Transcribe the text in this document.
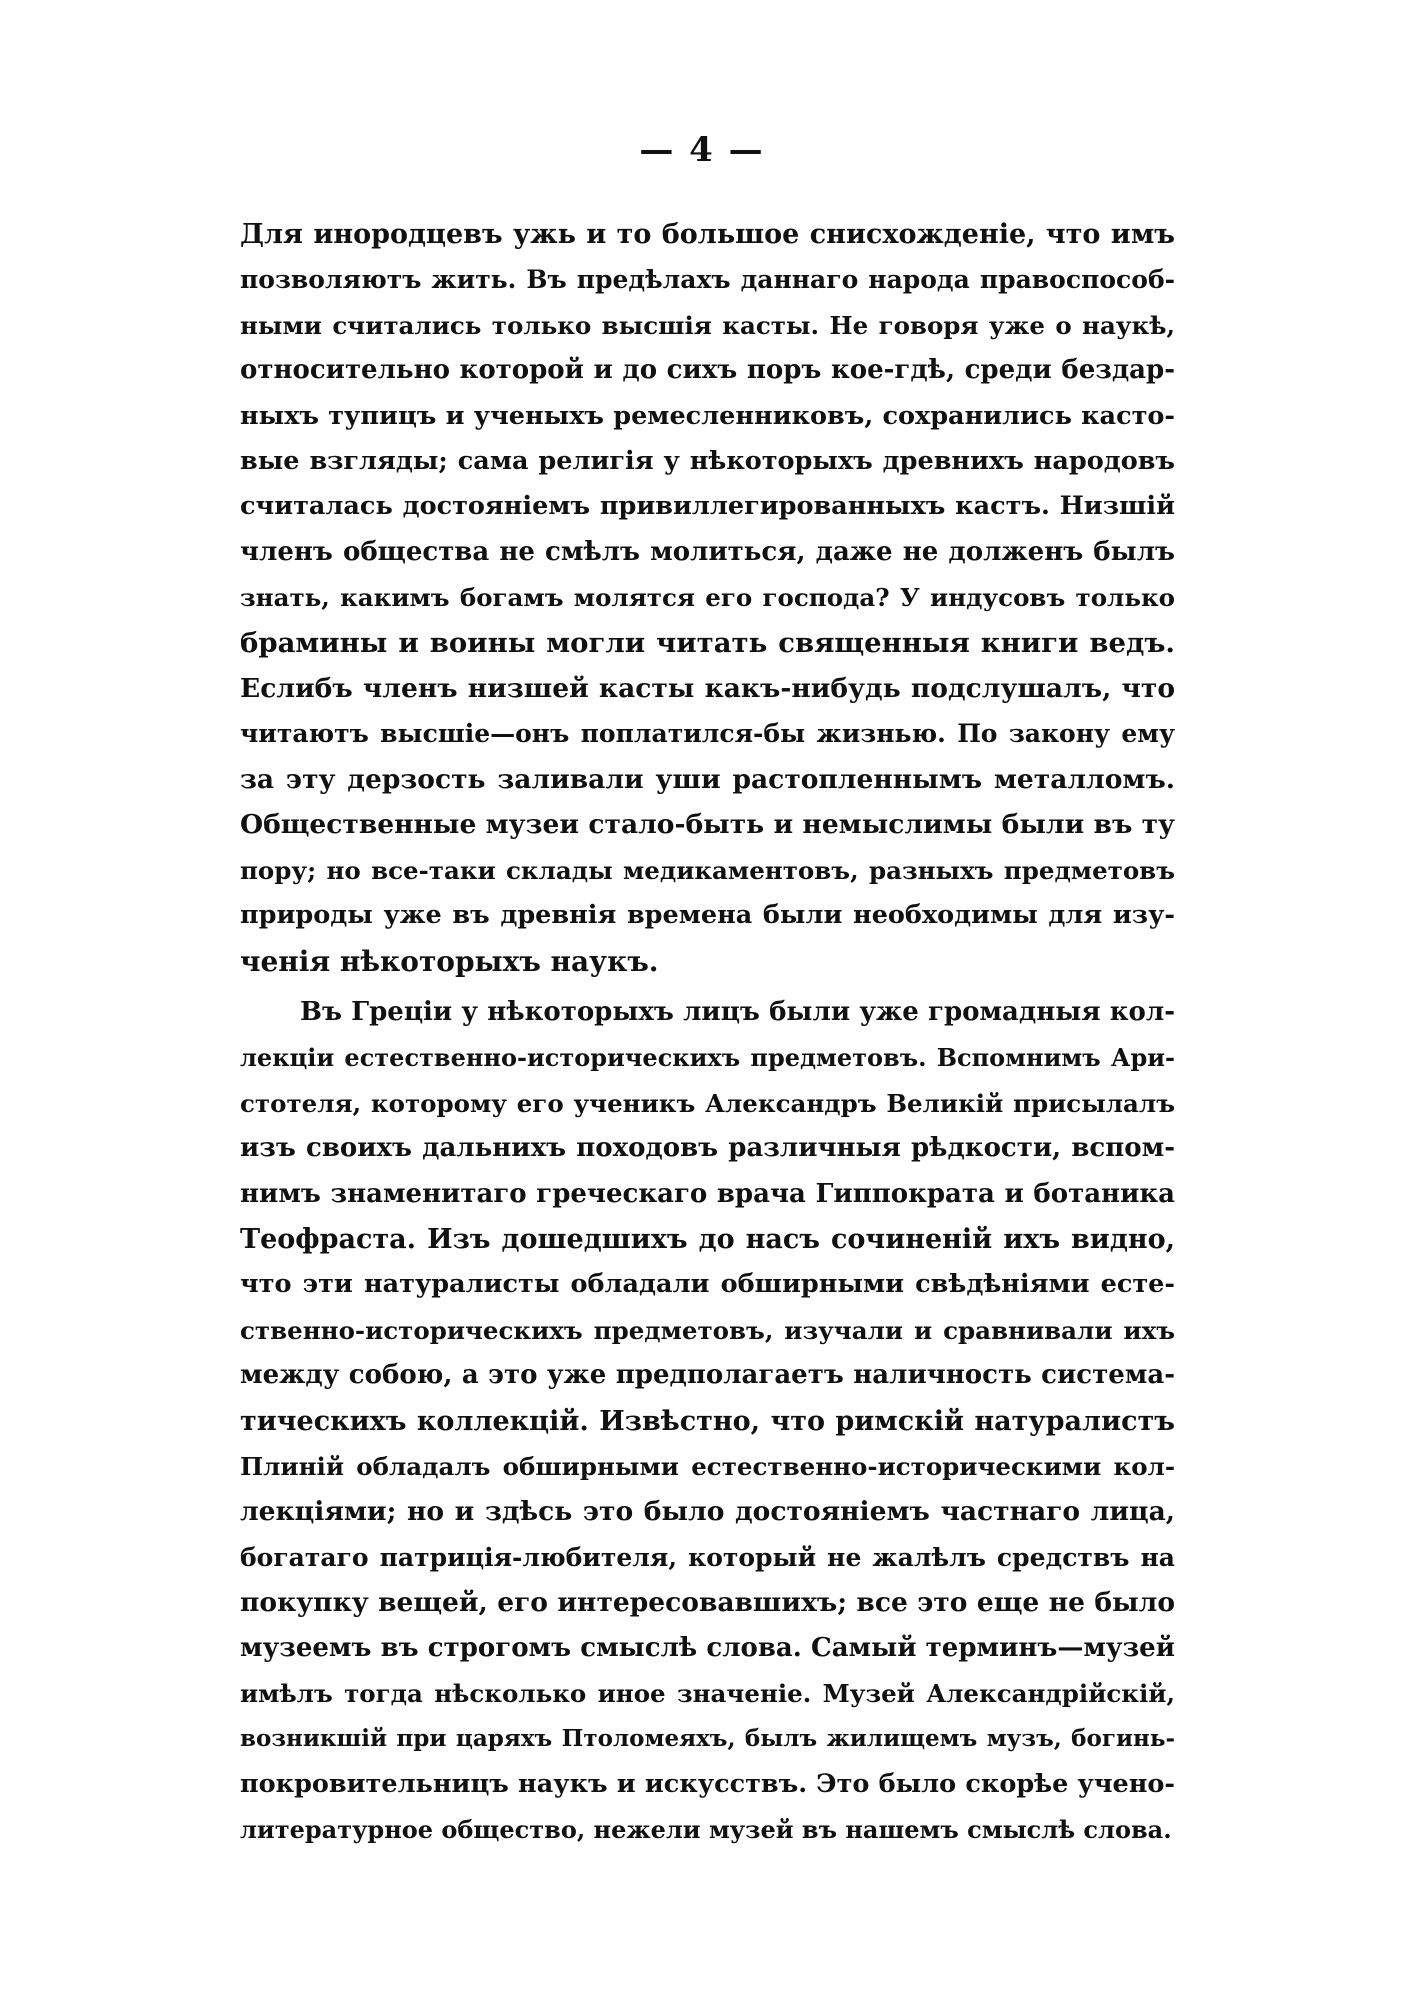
— 4 —
Для инородцевъ ужь и то большое снисхожденіе, что имъ
позволяютъ жить. Въ предѣлахъ даннаго народа правоспособ-
ными считались только высшія касты. Не говоря уже о наукѣ,
относительно которой и до сихъ поръ кое-гдѣ, среди бездар-
ныхъ тупицъ и ученыхъ ремесленниковъ, сохранились касто-
вые взгляды; сама религія у нѣкоторыхъ древнихъ народовъ
считалась достояніемъ привиллегированныхъ кастъ. Низшій
членъ общества не смѣлъ молиться, даже не долженъ былъ
знать, какимъ богамъ молятся его господа? У индусовъ только
брамины и воины могли читать священныя книги ведъ.
Еслибъ членъ низшей касты какъ-нибудь подслушалъ, что
читаютъ высшіе—онъ поплатился-бы жизнью. По закону ему
за эту дерзость заливали уши растопленнымъ металломъ.
Общественные музеи стало-быть и немыслимы были въ ту
пору; но все-таки склады медикаментовъ, разныхъ предметовъ
природы уже въ древнія времена были необходимы для изу-
ченія нѣкоторыхъ наукъ.
Въ Греціи у нѣкоторыхъ лицъ были уже громадныя кол-
лекціи естественно-историческихъ предметовъ. Вспомнимъ Ари-
стотеля, которому его ученикъ Александръ Великій присылалъ
изъ своихъ дальнихъ походовъ различныя рѣдкости, вспом-
нимъ знаменитаго греческаго врача Гиппократа и ботаника
Теофраста. Изъ дошедшихъ до насъ сочиненій ихъ видно,
что эти натуралисты обладали обширными свѣдѣніями есте-
ственно-историческихъ предметовъ, изучали и сравнивали ихъ
между собою, а это уже предполагаетъ наличность система-
тическихъ коллекцій. Извѣстно, что римскій натуралистъ
Плиній обладалъ обширными естественно-историческими кол-
лекціями; но и здѣсь это было достояніемъ частнаго лица,
богатаго патриція-любителя, который не жалѣлъ средствъ на
покупку вещей, его интересовавшихъ; все это еще не было
музеемъ въ строгомъ смыслѣ слова. Самый терминъ—музей
имѣлъ тогда нѣсколько иное значеніе. Музей Александрійскій,
возникшій при царяхъ Птоломеяхъ, былъ жилищемъ музъ, богинь-
покровительницъ наукъ и искусствъ. Это было скорѣе учено-
литературное общество, нежели музей въ нашемъ смыслѣ слова.
